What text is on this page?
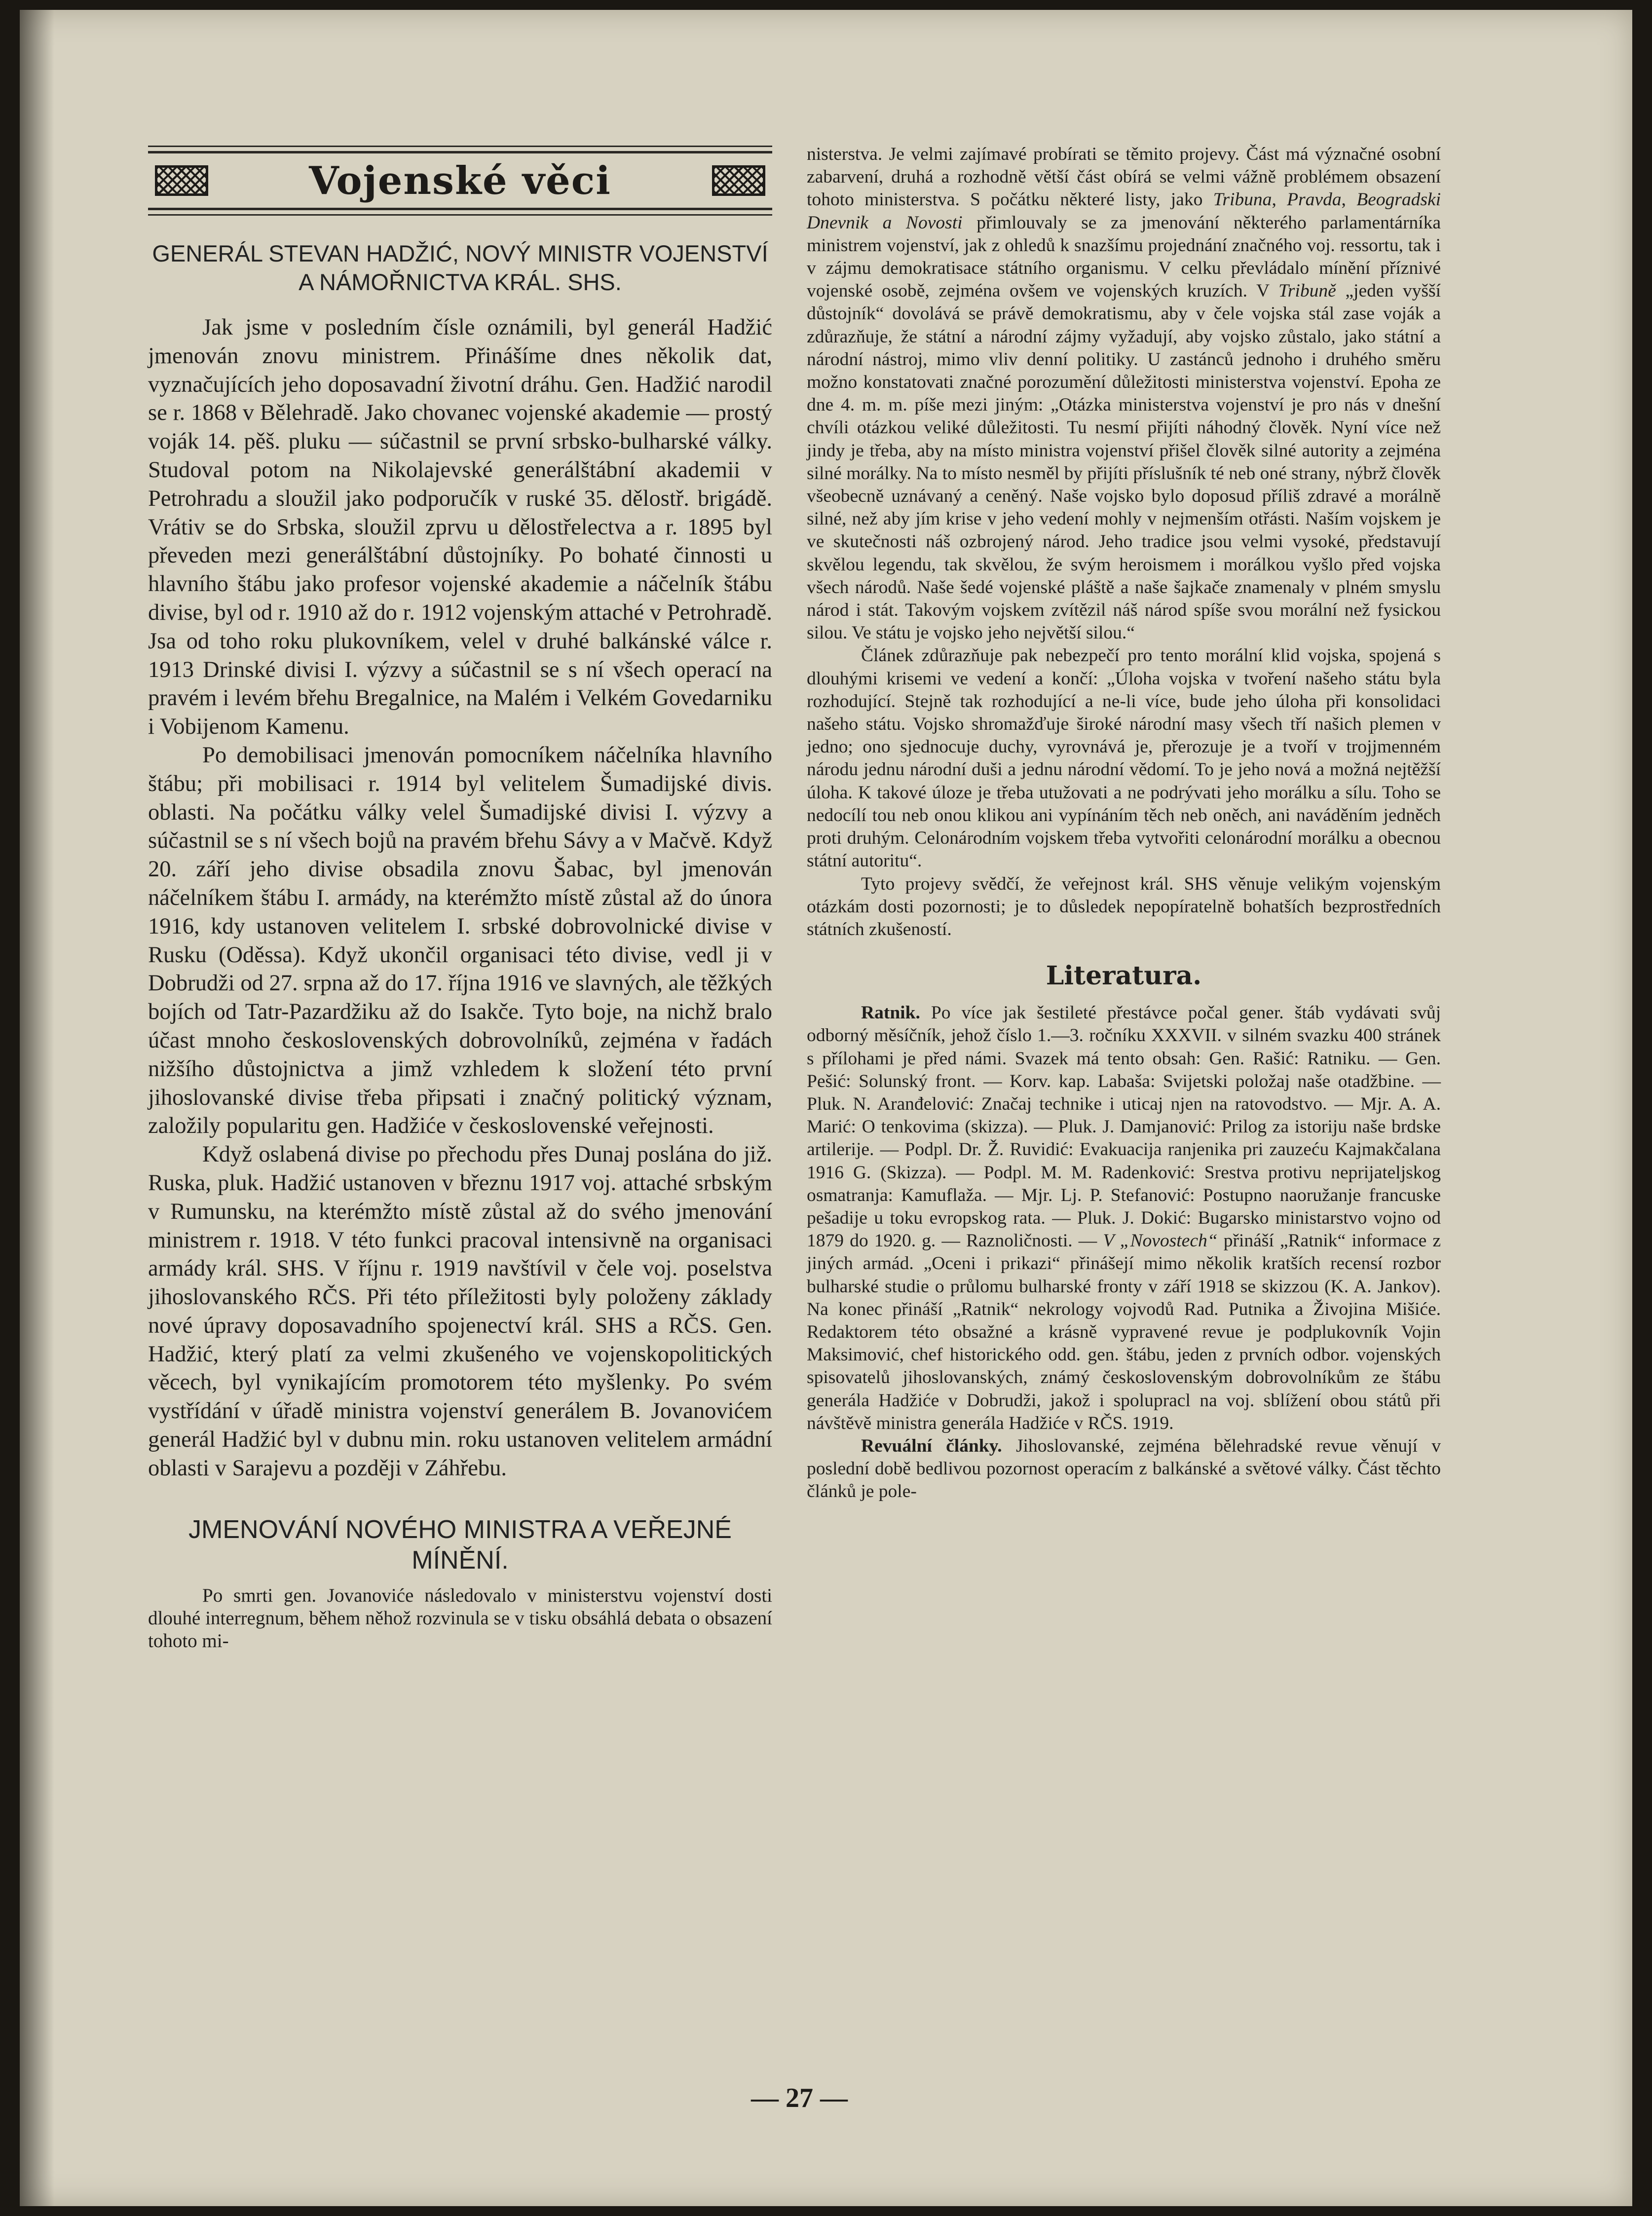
Vojenské věci
GENERÁL STEVAN HADŽIĆ, NOVÝ MINISTR VOJENSTVÍ A NÁMOŘNICTVA KRÁL. SHS.

Jak jsme v posledním čísle oznámili, byl generál Hadžić jmenován znovu ministrem. Přinášíme dnes několik dat, vyznačujících jeho doposavadní životní dráhu. Gen. Hadžić narodil se r. 1868 v Bělehradě. Jako chovanec vojenské akademie — prostý voják 14. pěš. pluku — súčastnil se první srbsko-bulharské války. Studoval potom na Nikolajevské generálštábní akademii v Petrohradu a sloužil jako podporučík v ruské 35. dělostř. brigádě. Vrátiv se do Srbska, sloužil zprvu u dělostřelectva a r. 1895 byl převeden mezi generálštábní důstojníky. Po bohaté činnosti u hlavního štábu jako profesor vojenské akademie a náčelník štábu divise, byl od r. 1910 až do r. 1912 vojenským attaché v Petrohradě. Jsa od toho roku plukovníkem, velel v druhé balkánské válce r. 1913 Drinské divisi I. výzvy a súčastnil se s ní všech operací na pravém i levém břehu Bregalnice, na Malém i Velkém Govedarniku i Vobijenom Kamenu.

Po demobilisaci jmenován pomocníkem náčelníka hlavního štábu; při mobilisaci r. 1914 byl velitelem Šumadijské divis. oblasti. Na počátku války velel Šumadijské divisi I. výzvy a súčastnil se s ní všech bojů na pravém břehu Sávy a v Mačvě. Když 20. září jeho divise obsadila znovu Šabac, byl jmenován náčelníkem štábu I. armády, na kterémžto místě zůstal až do února 1916, kdy ustanoven velitelem I. srbské dobrovolnické divise v Rusku (Oděssa). Když ukončil organisaci této divise, vedl ji v Dobrudži od 27. srpna až do 17. října 1916 ve slavných, ale těžkých bojích od Tatr-Pazardžiku až do Isakče. Tyto boje, na nichž bralo účast mnoho československých dobrovolníků, zejména v řadách nižšího důstojnictva a jimž vzhledem k složení této první jihoslovanské divise třeba připsati i značný politický význam, založily popularitu gen. Hadžiće v československé veřejnosti.

Když oslabená divise po přechodu přes Dunaj poslána do již. Ruska, pluk. Hadžić ustanoven v březnu 1917 voj. attaché srbským v Rumunsku, na kterémžto místě zůstal až do svého jmenování ministrem r. 1918. V této funkci pracoval intensivně na organisaci armády král. SHS. V říjnu r. 1919 navštívil v čele voj. poselstva jihoslovanského RČS. Při této příležitosti byly položeny základy nové úpravy doposavadního spojenectví král. SHS a RČS. Gen. Hadžić, který platí za velmi zkušeného ve vojenskopolitických věcech, byl vynikajícím promotorem této myšlenky. Po svém vystřídání v úřadě ministra vojenství generálem B. Jovanovićem generál Hadžić byl v dubnu min. roku ustanoven velitelem armádní oblasti v Sarajevu a později v Záhřebu.

JMENOVÁNÍ NOVÉHO MINISTRA A VEŘEJNÉ MÍNĚNÍ.

Po smrti gen. Jovanoviće následovalo v ministerstvu vojenství dosti dlouhé interregnum, během něhož rozvinula se v tisku obsáhlá debata o obsazení tohoto mi-

nisterstva. Je velmi zajímavé probírati se těmito projevy. Část má význačné osobní zabarvení, druhá a rozhodně větší část obírá se velmi vážně problémem obsazení tohoto ministerstva. S počátku některé listy, jako Tribuna, Pravda, Beogradski Dnevnik a Novosti přimlouvaly se za jmenování některého parlamentárníka ministrem vojenství, jak z ohledů k snazšímu projednání značného voj. ressortu, tak i v zájmu demokratisace státního organismu. V celku převládalo mínění příznivé vojenské osobě, zejména ovšem ve vojenských kruzích. V Tribuně „jeden vyšší důstojník“ dovolává se právě demokratismu, aby v čele vojska stál zase voják a zdůrazňuje, že státní a národní zájmy vyžadují, aby vojsko zůstalo, jako státní a národní nástroj, mimo vliv denní politiky. U zastánců jednoho i druhého směru možno konstatovati značné porozumění důležitosti ministerstva vojenství. Epoha ze dne 4. m. m. píše mezi jiným: „Otázka ministerstva vojenství je pro nás v dnešní chvíli otázkou veliké důležitosti. Tu nesmí přijíti náhodný člověk. Nyní více než jindy je třeba, aby na místo ministra vojenství přišel člověk silné autority a zejména silné morálky. Na to místo nesměl by přijíti příslušník té neb oné strany, nýbrž člověk všeobecně uznávaný a ceněný. Naše vojsko bylo doposud příliš zdravé a morálně silné, než aby jím krise v jeho vedení mohly v nejmenším otřásti. Naším vojskem je ve skutečnosti náš ozbrojený národ. Jeho tradice jsou velmi vysoké, představují skvělou legendu, tak skvělou, že svým heroismem i morálkou vyšlo před vojska všech národů. Naše šedé vojenské pláště a naše šajkače znamenaly v plném smyslu národ i stát. Takovým vojskem zvítězil náš národ spíše svou morální než fysickou silou. Ve státu je vojsko jeho největší silou.“

Článek zdůrazňuje pak nebezpečí pro tento morální klid vojska, spojená s dlouhými krisemi ve vedení a končí: „Úloha vojska v tvoření našeho státu byla rozhodující. Stejně tak rozhodující a ne-li více, bude jeho úloha při konsolidaci našeho státu. Vojsko shromažďuje široké národní masy všech tří našich plemen v jedno; ono sjednocuje duchy, vyrovnává je, přerozuje je a tvoří v trojjmenném národu jednu národní duši a jednu národní vědomí. To je jeho nová a možná nejtěžší úloha. K takové úloze je třeba utužovati a ne podrývati jeho morálku a sílu. Toho se nedocílí tou neb onou klikou ani vypínáním těch neb oněch, ani naváděním jedněch proti druhým. Celonárodním vojskem třeba vytvořiti celonárodní morálku a obecnou státní autoritu“.

Tyto projevy svědčí, že veřejnost král. SHS věnuje velikým vojenským otázkám dosti pozornosti; je to důsledek nepopíratelně bohatších bezprostředních státních zkušeností.

Literatura.

Ratnik. Po více jak šestileté přestávce počal gener. štáb vydávati svůj odborný měsíčník, jehož číslo 1.—3. ročníku XXXVII. v silném svazku 400 stránek s přílohami je před námi. Svazek má tento obsah: Gen. Rašić: Ratniku. — Gen. Pešić: Solunský front. — Korv. kap. Labaša: Svijetski položaj naše otadžbine. — Pluk. N. Aranđelović: Značaj technike i uticaj njen na ratovodstvo. — Mjr. A. A. Marić: O tenkovima (skizza). — Pluk. J. Damjanović: Prilog za istoriju naše brdske artilerije. — Podpl. Dr. Ž. Ruvidić: Evakuacija ranjenika pri zauzeću Kajmakčalana 1916 G. (Skizza). — Podpl. M. M. Radenković: Srestva protivu neprijateljskog osmatranja: Kamuflaža. — Mjr. Lj. P. Stefanović: Postupno naoružanje francuske pešadije u toku evropskog rata. — Pluk. J. Dokić: Bugarsko ministarstvo vojno od 1879 do 1920. g. — Raznoličnosti. — V „Novostech“ přináší „Ratnik“ informace z jiných armád. „Oceni i prikazi“ přinášejí mimo několik kratších recensí rozbor bulharské studie o průlomu bulharské fronty v září 1918 se skizzou (K. A. Jankov). Na konec přináší „Ratnik“ nekrology vojvodů Rad. Putnika a Živojina Mišiće. Redaktorem této obsažné a krásně vypravené revue je podplukovník Vojin Maksimović, chef historického odd. gen. štábu, jeden z prvních odbor. vojenských spisovatelů jihoslovanských, známý československým dobrovolníkům ze štábu generála Hadžiće v Dobrudži, jakož i spolupracl na voj. sblížení obou států při návštěvě ministra generála Hadžiće v RČS. 1919.

Revuální články. Jihoslovanské, zejména bělehradské revue věnují v poslední době bedlivou pozornost operacím z balkánské a světové války. Část těchto článků je pole-

— 27 —
